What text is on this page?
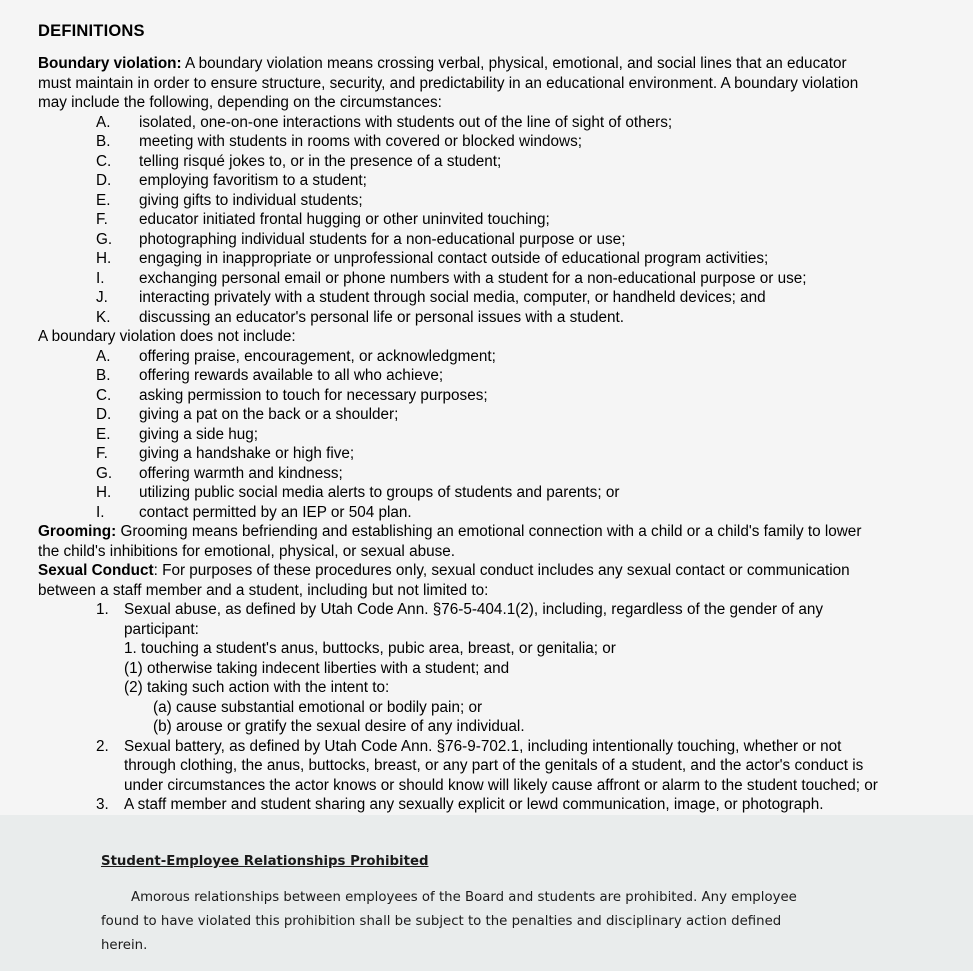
DEFINITIONS
Boundary violation: A boundary violation means crossing verbal, physical, emotional, and social lines that an educator
must maintain in order to ensure structure, security, and predictability in an educational environment. A boundary violation
may include the following, depending on the circumstances:
A. isolated, one-on-one interactions with students out of the line of sight of others;
B. meeting with students in rooms with covered or blocked windows;
C. telling risqué jokes to, or in the presence of a student;
D. employing favoritism to a student;
E. giving gifts to individual students;
F. educator initiated frontal hugging or other uninvited touching;
G. photographing individual students for a non-educational purpose or use;
H. engaging in inappropriate or unprofessional contact outside of educational program activities;
I. exchanging personal email or phone numbers with a student for a non-educational purpose or use;
J. interacting privately with a student through social media, computer, or handheld devices; and
K. discussing an educator's personal life or personal issues with a student.
A boundary violation does not include:
A. offering praise, encouragement, or acknowledgment;
B. offering rewards available to all who achieve;
C. asking permission to touch for necessary purposes;
D. giving a pat on the back or a shoulder;
E. giving a side hug;
F. giving a handshake or high five;
G. offering warmth and kindness;
H. utilizing public social media alerts to groups of students and parents; or
I. contact permitted by an IEP or 504 plan.
Grooming: Grooming means befriending and establishing an emotional connection with a child or a child's family to lower
the child's inhibitions for emotional, physical, or sexual abuse.
Sexual Conduct: For purposes of these procedures only, sexual conduct includes any sexual contact or communication
between a staff member and a student, including but not limited to:
1. Sexual abuse, as defined by Utah Code Ann. §76-5-404.1(2), including, regardless of the gender of any
participant:
1. touching a student's anus, buttocks, pubic area, breast, or genitalia; or
(1) otherwise taking indecent liberties with a student; and
(2) taking such action with the intent to:
(a) cause substantial emotional or bodily pain; or
(b) arouse or gratify the sexual desire of any individual.
2. Sexual battery, as defined by Utah Code Ann. §76-9-702.1, including intentionally touching, whether or not
through clothing, the anus, buttocks, breast, or any part of the genitals of a student, and the actor's conduct is
under circumstances the actor knows or should know will likely cause affront or alarm to the student touched; or
3. A staff member and student sharing any sexually explicit or lewd communication, image, or photograph.
Student-Employee Relationships Prohibited
Amorous relationships between employees of the Board and students are prohibited. Any employee
found to have violated this prohibition shall be subject to the penalties and disciplinary action defined
herein.
